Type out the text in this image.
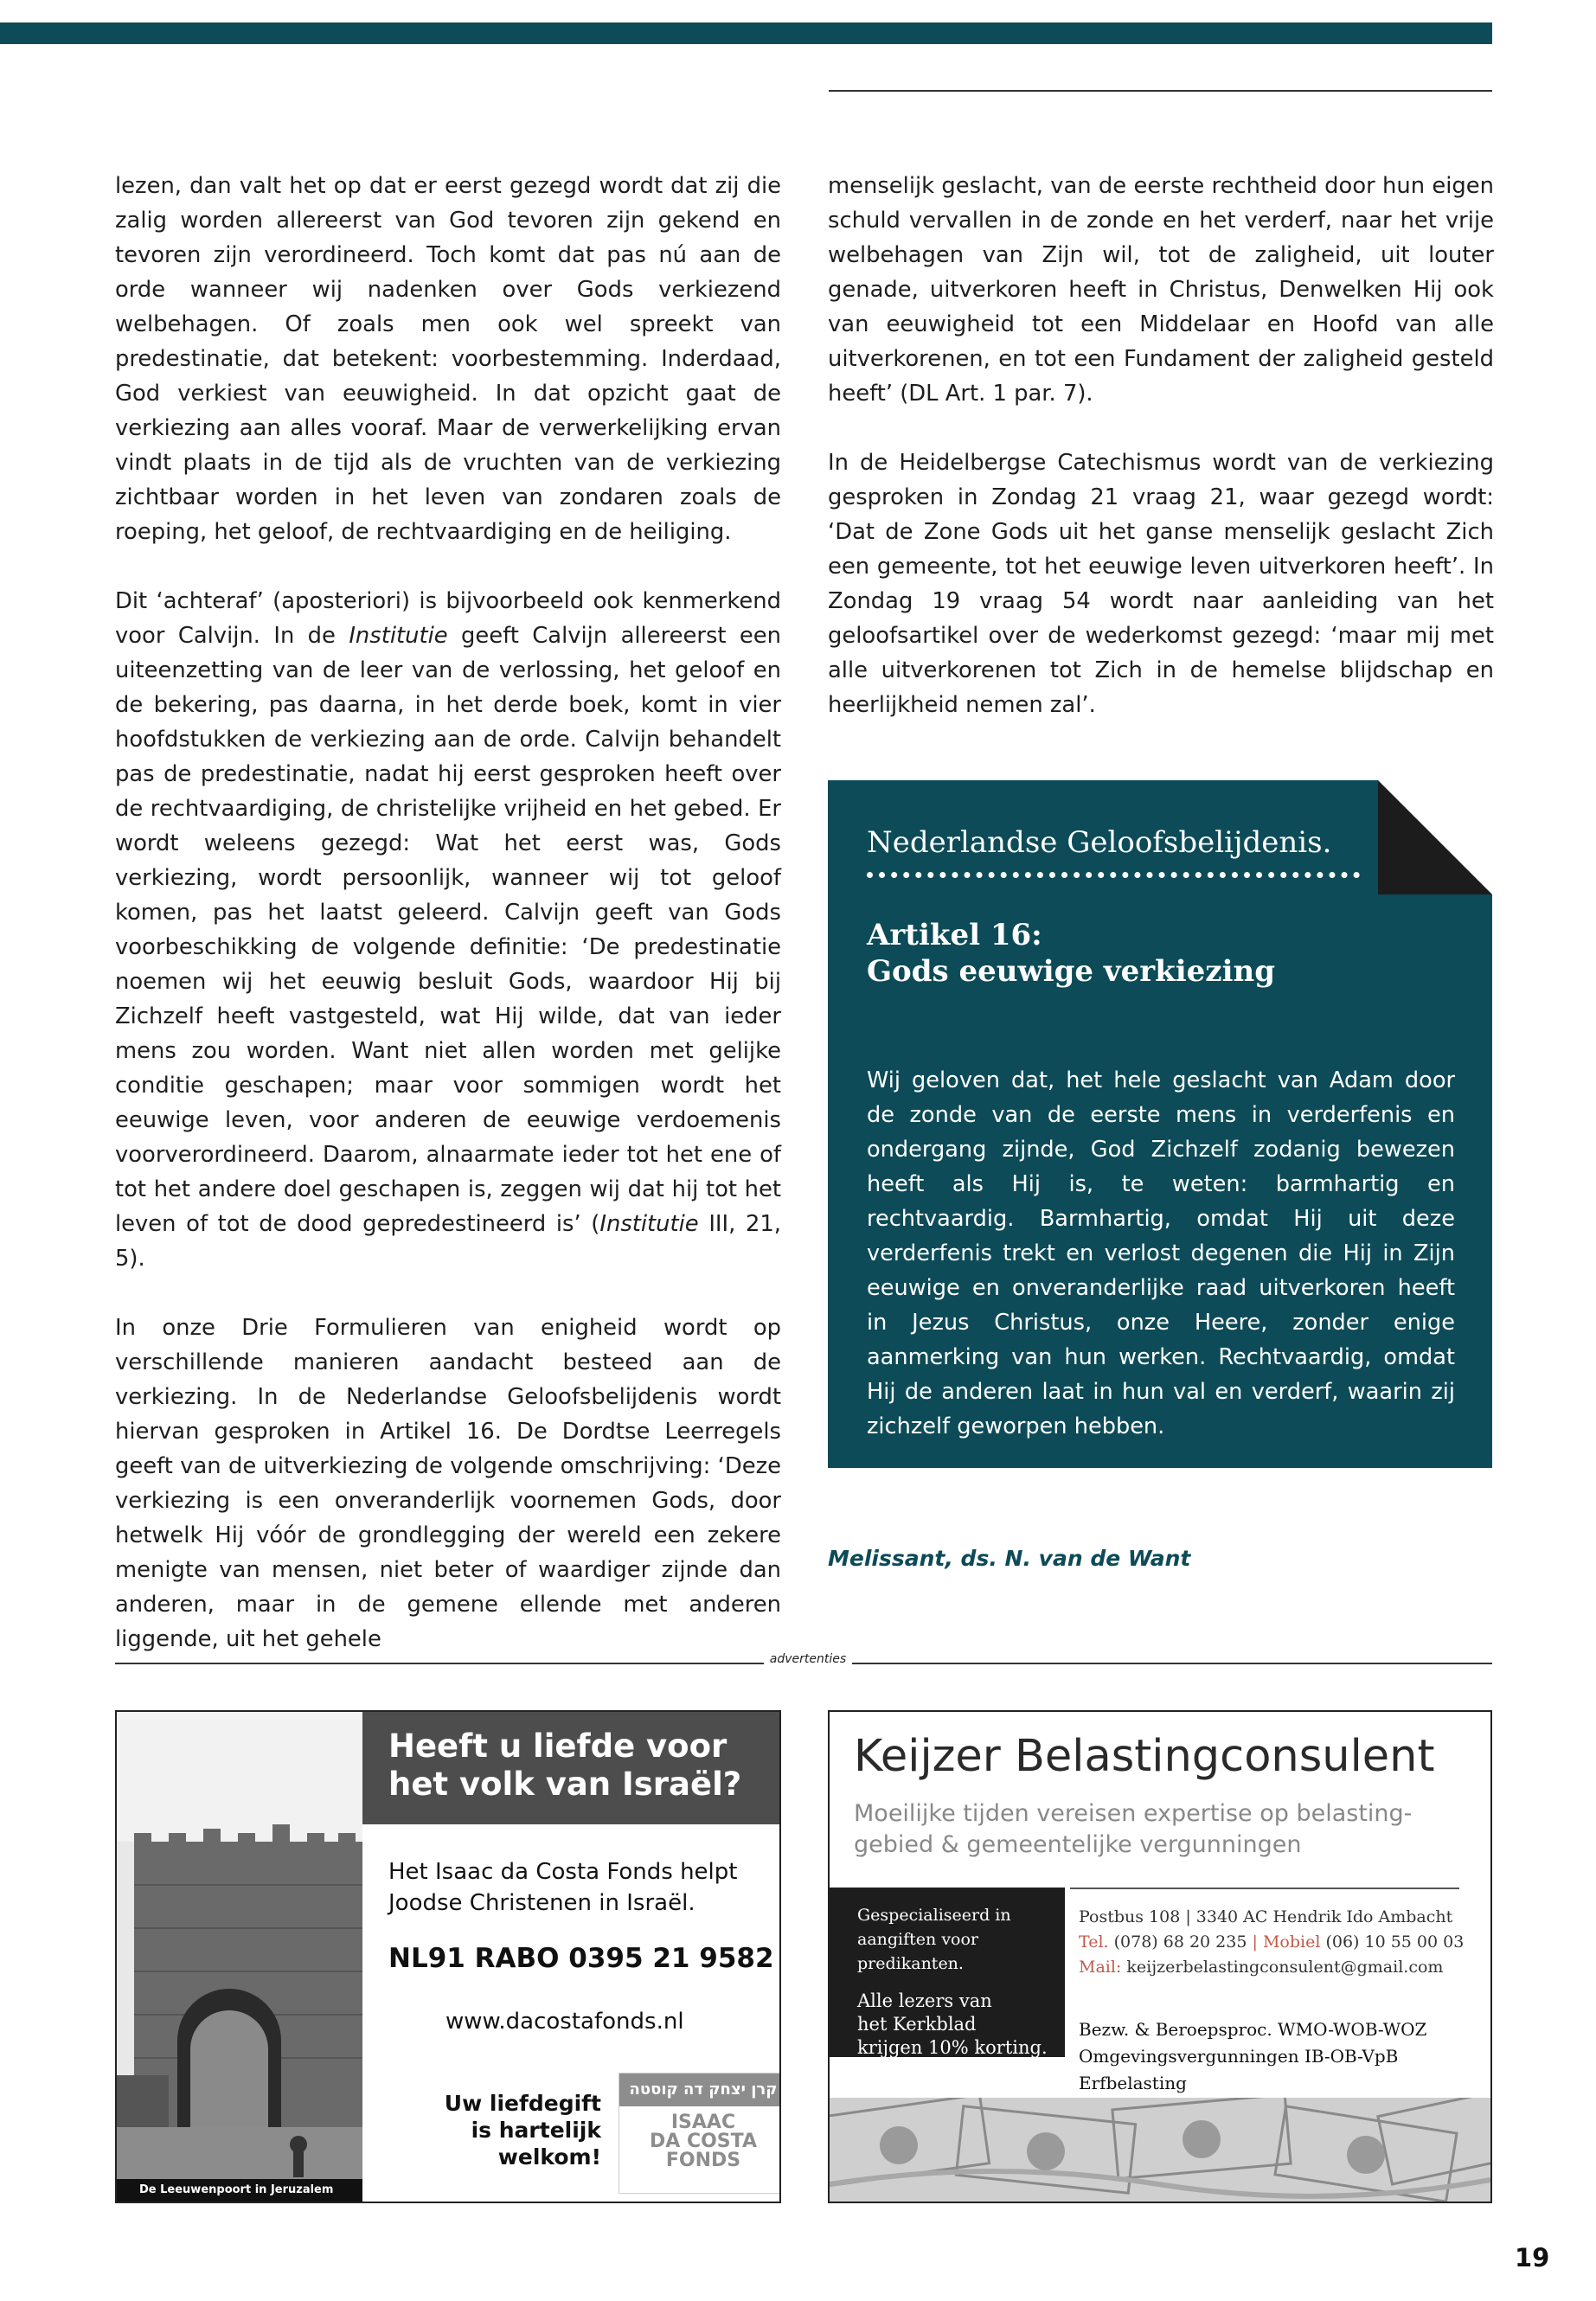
lezen, dan valt het op dat er eerst gezegd wordt dat zij die zalig worden allereerst van God tevoren zijn gekend en tevoren zijn verordineerd. Toch komt dat pas nú aan de orde wanneer wij nadenken over Gods verkiezend welbehagen. Of zoals men ook wel spreekt van predestinatie, dat betekent: voorbestemming. Inderdaad, God verkiest van eeuwigheid. In dat opzicht gaat de verkiezing aan alles vooraf. Maar de verwerkelijking ervan vindt plaats in de tijd als de vruchten van de verkiezing zichtbaar worden in het leven van zondaren zoals de roeping, het geloof, de rechtvaardiging en de heiliging.

Dit ‘achteraf’ (aposteriori) is bijvoorbeeld ook kenmerkend voor Calvijn. In de Institutie geeft Calvijn allereerst een uiteenzetting van de leer van de verlossing, het geloof en de bekering, pas daarna, in het derde boek, komt in vier hoofdstukken de verkiezing aan de orde. Calvijn behandelt pas de predestinatie, nadat hij eerst gesproken heeft over de rechtvaardiging, de christelijke vrijheid en het gebed. Er wordt weleens gezegd: Wat het eerst was, Gods verkiezing, wordt persoonlijk, wanneer wij tot geloof komen, pas het laatst geleerd. Calvijn geeft van Gods voorbeschikking de volgende definitie: ‘De predestinatie noemen wij het eeuwig besluit Gods, waardoor Hij bij Zichzelf heeft vastgesteld, wat Hij wilde, dat van ieder mens zou worden. Want niet allen worden met gelijke conditie geschapen; maar voor sommigen wordt het eeuwige leven, voor anderen de eeuwige verdoemenis voorverordineerd. Daarom, alnaarmate ieder tot het ene of tot het andere doel geschapen is, zeggen wij dat hij tot het leven of tot de dood gepredestineerd is’ (Institutie III, 21, 5).

In onze Drie Formulieren van enigheid wordt op verschillende manieren aandacht besteed aan de verkiezing. In de Nederlandse Geloofsbelijdenis wordt hiervan gesproken in Artikel 16. De Dordtse Leerregels geeft van de uitverkiezing de volgende omschrijving: ‘Deze verkiezing is een onveranderlijk voornemen Gods, door hetwelk Hij vóór de grondlegging der wereld een zekere menigte van mensen, niet beter of waardiger zijnde dan anderen, maar in de gemene ellende met anderen liggende, uit het gehele

menselijk geslacht, van de eerste rechtheid door hun eigen schuld vervallen in de zonde en het verderf, naar het vrije welbehagen van Zijn wil, tot de zaligheid, uit louter genade, uitverkoren heeft in Christus, Denwelken Hij ook van eeuwigheid tot een Middelaar en Hoofd van alle uitverkorenen, en tot een Fundament der zaligheid gesteld heeft’ (DL Art. 1 par. 7).

In de Heidelbergse Catechismus wordt van de verkiezing gesproken in Zondag 21 vraag 21, waar gezegd wordt: ‘Dat de Zone Gods uit het ganse menselijk geslacht Zich een gemeente, tot het eeuwige leven uitverkoren heeft’. In Zondag 19 vraag 54 wordt naar aanleiding van het geloofsartikel over de wederkomst gezegd: ‘maar mij met alle uitverkorenen tot Zich in de hemelse blijdschap en heerlijkheid nemen zal’.

Nederlandse Geloofsbelijdenis.
Artikel 16:
Gods eeuwige verkiezing
Wij geloven dat, het hele geslacht van Adam door de zonde van de eerste mens in verderfenis en ondergang zijnde, God Zichzelf zodanig bewezen heeft als Hij is, te weten: barmhartig en rechtvaardig. Barmhartig, omdat Hij uit deze verderfenis trekt en verlost degenen die Hij in Zijn eeuwige en onveranderlijke raad uitverkoren heeft in Jezus Christus, onze Heere, zonder enige aanmerking van hun werken. Rechtvaardig, omdat Hij de anderen laat in hun val en verderf, waarin zij zichzelf geworpen hebben.
Melissant, ds. N. van de Want
advertenties
De Leeuwenpoort in Jeruzalem
Heeft u liefde voor
het volk van Israël?
Het Isaac da Costa Fonds helpt
Joodse Christenen in Israël.
NL91 RABO 0395 21 9582
www.dacostafonds.nl
Uw liefdegift
is hartelijk
welkom!
קרן יצחק דה קוסטה
ISAAC
DA COSTA
FONDS
Keijzer Belastingconsulent
Moeilijke tijden vereisen expertise op belasting-
gebied & gemeentelijke vergunningen
Gespecialiseerd in
aangiften voor
predikanten.
Alle lezers van
het Kerkblad
krijgen 10% korting.
Postbus 108 | 3340 AC Hendrik Ido Ambacht
Tel. (078) 68 20 235 | Mobiel (06) 10 55 00 03
Mail: keijzerbelastingconsulent@gmail.com
Bezw. & Beroepsproc. WMO-WOB-WOZ
Omgevingsvergunningen IB-OB-VpB
Erfbelasting
19
